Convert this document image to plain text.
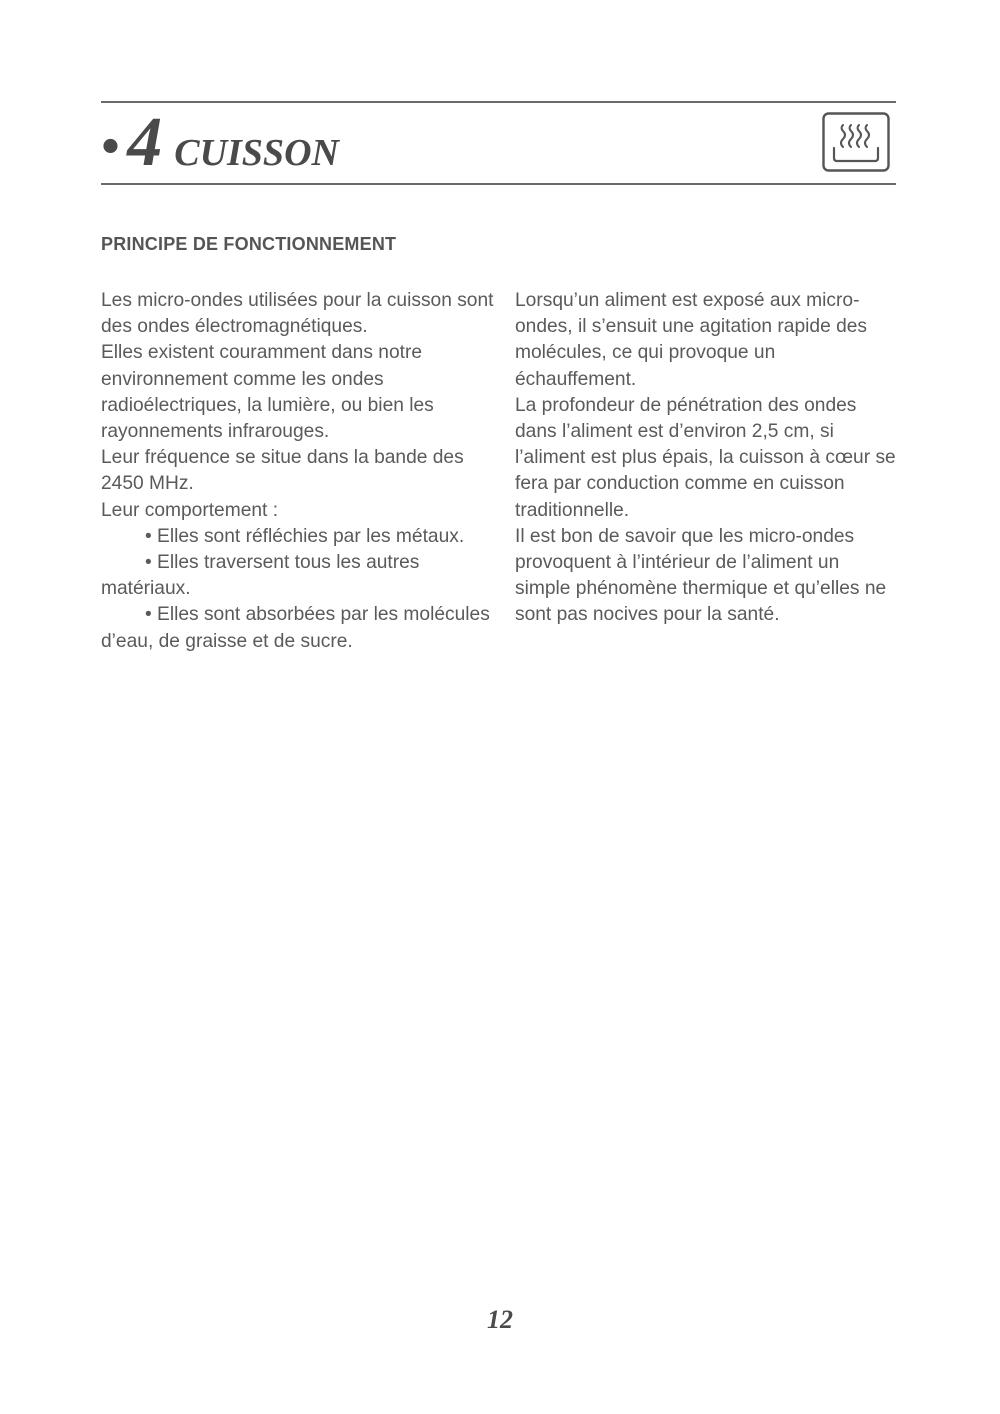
• 4 CUISSON
PRINCIPE DE FONCTIONNEMENT

Les micro-ondes utilisées pour la cuisson sont des ondes électromagnétiques.

Elles existent couramment dans notre environnement comme les ondes radioélectriques, la lumière, ou bien les rayonnements infrarouges.

Leur fréquence se situe dans la bande des 2450 MHz.

Leur comportement :

• Elles sont réfléchies par les métaux.

• Elles traversent tous les autres matériaux.

• Elles sont absorbées par les molécules d’eau, de graisse et de sucre.

Lorsqu’un aliment est exposé aux micro-ondes, il s’ensuit une agitation rapide des molécules, ce qui provoque un échauffement.

La profondeur de pénétration des ondes dans l’aliment est d’environ 2,5 cm, si l’aliment est plus épais, la cuisson à cœur se fera par conduction comme en cuisson traditionnelle.

Il est bon de savoir que les micro-ondes provoquent à l’intérieur de l’aliment un simple phénomène thermique et qu’elles ne sont pas nocives pour la santé.

12
